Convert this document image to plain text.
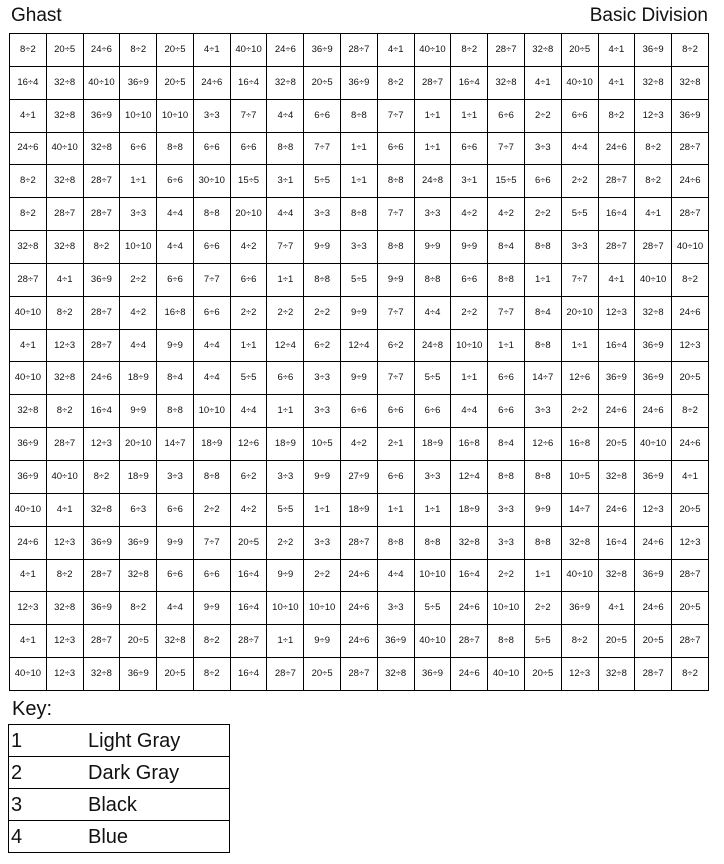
Ghast	Basic Division
8÷2	20÷5	24÷6	8÷2	20÷5	4÷1	40÷10	24÷6	36÷9	28÷7	4÷1	40÷10	8÷2	28÷7	32÷8	20÷5	4÷1	36÷9	8÷2
16÷4	32÷8	40÷10	36÷9	20÷5	24÷6	16÷4	32÷8	20÷5	36÷9	8÷2	28÷7	16÷4	32÷8	4÷1	40÷10	4÷1	32÷8	32÷8
4÷1	32÷8	36÷9	10÷10	10÷10	3÷3	7÷7	4÷4	6÷6	8÷8	7÷7	1÷1	1÷1	6÷6	2÷2	6÷6	8÷2	12÷3	36÷9
24÷6	40÷10	32÷8	6÷6	8÷8	6÷6	6÷6	8÷8	7÷7	1÷1	6÷6	1÷1	6÷6	7÷7	3÷3	4÷4	24÷6	8÷2	28÷7
8÷2	32÷8	28÷7	1÷1	6÷6	30÷10	15÷5	3÷1	5÷5	1÷1	8÷8	24÷8	3÷1	15÷5	6÷6	2÷2	28÷7	8÷2	24÷6
8÷2	28÷7	28÷7	3÷3	4÷4	8÷8	20÷10	4÷4	3÷3	8÷8	7÷7	3÷3	4÷2	4÷2	2÷2	5÷5	16÷4	4÷1	28÷7
32÷8	32÷8	8÷2	10÷10	4÷4	6÷6	4÷2	7÷7	9÷9	3÷3	8÷8	9÷9	9÷9	8÷4	8÷8	3÷3	28÷7	28÷7	40÷10
28÷7	4÷1	36÷9	2÷2	6÷6	7÷7	6÷6	1÷1	8÷8	5÷5	9÷9	8÷8	6÷6	8÷8	1÷1	7÷7	4÷1	40÷10	8÷2
40÷10	8÷2	28÷7	4÷2	16÷8	6÷6	2÷2	2÷2	2÷2	9÷9	7÷7	4÷4	2÷2	7÷7	8÷4	20÷10	12÷3	32÷8	24÷6
4÷1	12÷3	28÷7	4÷4	9÷9	4÷4	1÷1	12÷4	6÷2	12÷4	6÷2	24÷8	10÷10	1÷1	8÷8	1÷1	16÷4	36÷9	12÷3
40÷10	32÷8	24÷6	18÷9	8÷4	4÷4	5÷5	6÷6	3÷3	9÷9	7÷7	5÷5	1÷1	6÷6	14÷7	12÷6	36÷9	36÷9	20÷5
32÷8	8÷2	16÷4	9÷9	8÷8	10÷10	4÷4	1÷1	3÷3	6÷6	6÷6	6÷6	4÷4	6÷6	3÷3	2÷2	24÷6	24÷6	8÷2
36÷9	28÷7	12÷3	20÷10	14÷7	18÷9	12÷6	18÷9	10÷5	4÷2	2÷1	18÷9	16÷8	8÷4	12÷6	16÷8	20÷5	40÷10	24÷6
36÷9	40÷10	8÷2	18÷9	3÷3	8÷8	6÷2	3÷3	9÷9	27÷9	6÷6	3÷3	12÷4	8÷8	8÷8	10÷5	32÷8	36÷9	4÷1
40÷10	4÷1	32÷8	6÷3	6÷6	2÷2	4÷2	5÷5	1÷1	18÷9	1÷1	1÷1	18÷9	3÷3	9÷9	14÷7	24÷6	12÷3	20÷5
24÷6	12÷3	36÷9	36÷9	9÷9	7÷7	20÷5	2÷2	3÷3	28÷7	8÷8	8÷8	32÷8	3÷3	8÷8	32÷8	16÷4	24÷6	12÷3
4÷1	8÷2	28÷7	32÷8	6÷6	6÷6	16÷4	9÷9	2÷2	24÷6	4÷4	10÷10	16÷4	2÷2	1÷1	40÷10	32÷8	36÷9	28÷7
12÷3	32÷8	36÷9	8÷2	4÷4	9÷9	16÷4	10÷10	10÷10	24÷6	3÷3	5÷5	24÷6	10÷10	2÷2	36÷9	4÷1	24÷6	20÷5
4÷1	12÷3	28÷7	20÷5	32÷8	8÷2	28÷7	1÷1	9÷9	24÷6	36÷9	40÷10	28÷7	8÷8	5÷5	8÷2	20÷5	20÷5	28÷7
40÷10	12÷3	32÷8	36÷9	20÷5	8÷2	16÷4	28÷7	20÷5	28÷7	32÷8	36÷9	24÷6	40÷10	20÷5	12÷3	32÷8	28÷7	8÷2
Key:
1	Light Gray
2	Dark Gray
3	Black
4	Blue
